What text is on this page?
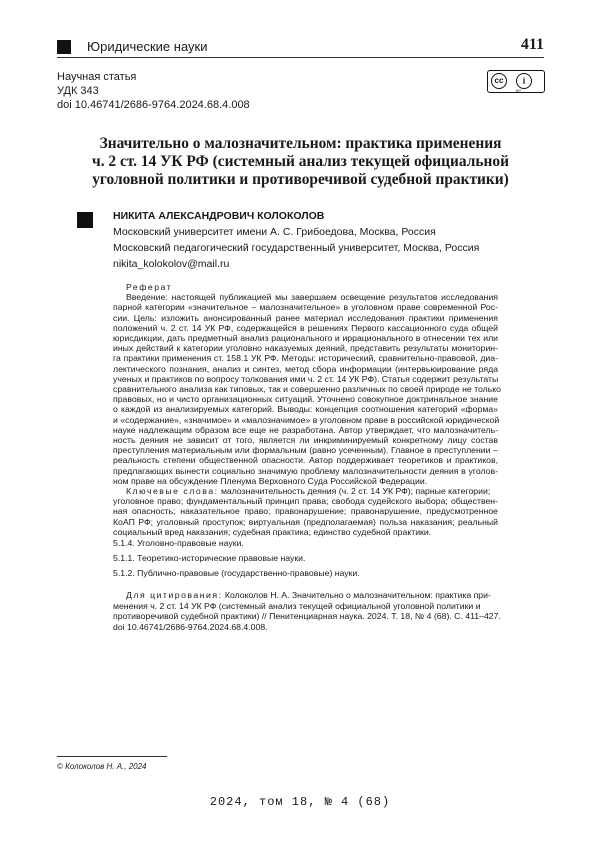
Юридические науки	411
Научная статья
УДК 343
doi 10.46741/2686-9764.2024.68.4.008
cc	i
BY
Значительно о малозначительном: практика применения
ч. 2 ст. 14 УК РФ (системный анализ текущей официальной
уголовной политики и противоречивой судебной практики)
НИКИТА АЛЕКСАНДРОВИЧ КОЛОКОЛОВ
Московский университет имени А. С. Грибоедова, Москва, Россия
Московский педагогический государственный университет, Москва, Россия
nikita_kolokolov@mail.ru
Реферат
Введение: настоящей публикацией мы завершаем освещение результатов исследования
парной категории «значительное – малозначительное» в уголовном праве современной Рос-
сии. Цель: изложить анонсированный ранее материал исследования практики применения
положений ч. 2 ст. 14 УК РФ, содержащейся в решениях Первого кассационного суда общей
юрисдикции, дать предметный анализ рационального и иррационального в отнесении тех или
иных действий к категории уголовно наказуемых деяний, представить результаты мониторин-
га практики применения ст. 158.1 УК РФ. Методы: исторический, сравнительно-правовой, диа-
лектического познания, анализ и синтез, метод сбора информации (интервьюирование ряда
ученых и практиков по вопросу толкования ими ч. 2 ст. 14 УК РФ). Статья содержит результаты
сравнительного анализа как типовых, так и совершенно различных по своей природе не только
правовых, но и чисто организационных ситуаций. Уточнено совокупное доктринальное знание
о каждой из анализируемых категорий. Выводы: концепция соотношения категорий «форма»
и «содержание», «значимое» и «малозначимое» в уголовном праве в российской юридической
науке надлежащим образом все еще не разработана. Автор утверждает, что малозначитель-
ность деяния не зависит от того, является ли инкриминируемый конкретному лицу состав
преступления материальным или формальным (равно усеченным). Главное в преступлении –
реальность степени общественной опасности. Автор поддерживает теоретиков и практиков,
предлагающих вынести социально значимую проблему малозначительности деяния в уголов-
ном праве на обсуждение Пленума Верховного Суда Российской Федерации.
Ключевые слова: малозначительность деяния (ч. 2 ст. 14 УК РФ); парные категории;
уголовное право; фундаментальный принцип права; свобода судейского выбора; обществен-
ная опасность; наказательное право; правонарушение; правонарушение, предусмотренное
КоАП РФ; уголовный проступок; виртуальная (предполагаемая) польза наказания; реальный
социальный вред наказания; судебная практика; единство судебной практики.
5.1.4. Уголовно-правовые науки.
5.1.1. Теоретико-исторические правовые науки.
5.1.2. Публично-правовые (государственно-правовые) науки.
Для цитирования: Колоколов Н. А. Значительно о малозначительном: практика при-
менения ч. 2 ст. 14 УК РФ (системный анализ текущей официальной уголовной политики и
противоречивой судебной практики) // Пенитенциарная наука. 2024. Т. 18, № 4 (68). С. 411–427.
doi 10.46741/2686-9764.2024.68.4.008.
© Колоколов Н. А., 2024
2024, том 18, № 4 (68)
